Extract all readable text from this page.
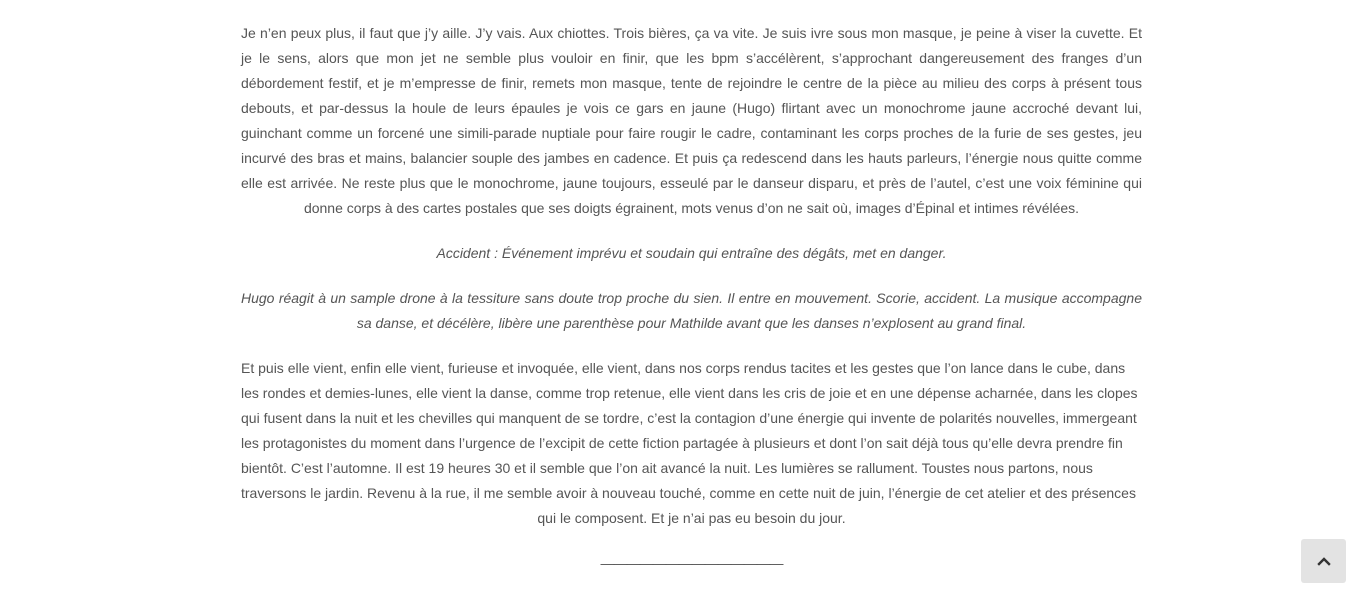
Je n’en peux plus, il faut que j’y aille. J’y vais. Aux chiottes. Trois bières, ça va vite. Je suis ivre sous mon masque, je peine à viser la cuvette. Et je le sens, alors que mon jet ne semble plus vouloir en finir, que les bpm s’accélèrent, s’approchant dangereusement des franges d’un débordement festif, et je m’empresse de finir, remets mon masque, tente de rejoindre le centre de la pièce au milieu des corps à présent tous debouts, et par-dessus la houle de leurs épaules je vois ce gars en jaune (Hugo) flirtant avec un monochrome jaune accroché devant lui, guinchant comme un forcené une simili-parade nuptiale pour faire rougir le cadre, contaminant les corps proches de la furie de ses gestes, jeu incurvé des bras et mains, balancier souple des jambes en cadence. Et puis ça redescend dans les hauts parleurs, l’énergie nous quitte comme elle est arrivée. Ne reste plus que le monochrome, jaune toujours, esseulé par le danseur disparu, et près de l’autel, c’est une voix féminine qui donne corps à des cartes postales que ses doigts égrainent, mots venus d’on ne sait où, images d’Épinal et intimes révélées.

Accident : Événement imprévu et soudain qui entraîne des dégâts, met en danger.

Hugo réagit à un sample drone à la tessiture sans doute trop proche du sien. Il entre en mouvement. Scorie, accident. La musique accompagne sa danse, et décélère, libère une parenthèse pour Mathilde avant que les danses n’explosent au grand final.

Et puis elle vient, enfin elle vient, furieuse et invoquée, elle vient, dans nos corps rendus tacites et les gestes que l’on lance dans le cube, dans les rondes et demies-lunes, elle vient la danse, comme trop retenue, elle vient dans les cris de joie et en une dépense acharnée, dans les clopes qui fusent dans la nuit et les chevilles qui manquent de se tordre, c’est la contagion d’une énergie qui invente de polarités nouvelles, immergeant les protagonistes du moment dans l’urgence de l’excipit de cette fiction partagée à plusieurs et dont l’on sait déjà tous qu’elle devra prendre fin bientôt. C’est l’automne. Il est 19 heures 30 et il semble que l’on ait avancé la nuit. Les lumières se rallument. Toustes nous partons, nous traversons le jardin. Revenu à la rue, il me semble avoir à nouveau touché, comme en cette nuit de juin, l’énergie de cet atelier et des présences qui le composent. Et je n’ai pas eu besoin du jour.

——————————————
